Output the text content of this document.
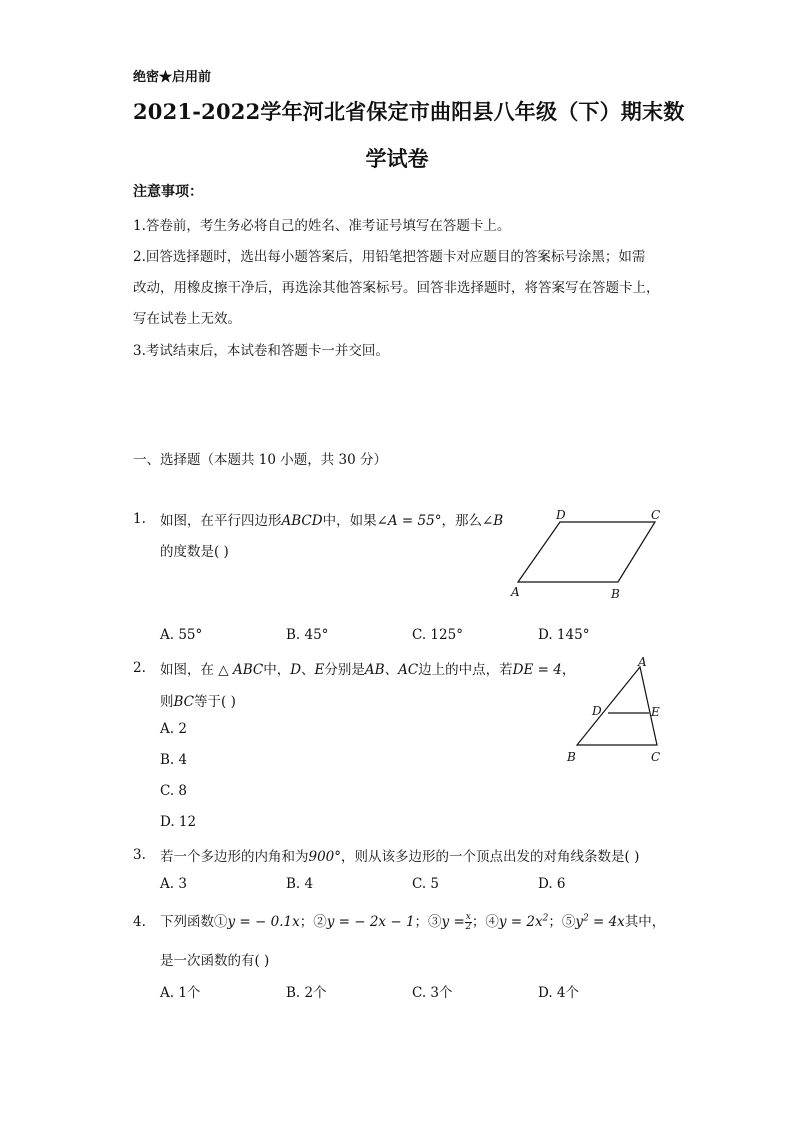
绝密★启用前
2021-2022学年河北省保定市曲阳县八年级（下）期末数
学试卷
注意事项：
1.答卷前，考生务必将自己的姓名、准考证号填写在答题卡上。
2.回答选择题时，选出每小题答案后，用铅笔把答题卡对应题目的答案标号涂黑；如需
改动，用橡皮擦干净后，再选涂其他答案标号。回答非选择题时，将答案写在答题卡上，
写在试卷上无效。
3.考试结束后，本试卷和答题卡一并交回。
一、选择题（本题共 10 小题，共 30 分）
1. 如图，在平行四边形ABCD中，如果∠A = 55°，那么∠B
的度数是( )
D	C
A	B
A. 55°	B. 45°	C. 125°	D. 145°
2. 如图，在 △ ABC中，D、E分别是AB、AC边上的中点，若DE = 4，
则BC等于( )
A
D	E
B	C
A. 2
B. 4
C. 8
D. 12
3. 若一个多边形的内角和为900°，则从该多边形的一个顶点出发的对角线条数是( )
A. 3	B. 4	C. 5	D. 6
4. 下列函数①y = − 0.1x；②y = − 2x − 1；③y = $\frac{x}{2}$ ；④y = $2x^2$；$⑤y^2 = 4x$其中，
是一次函数的有( )
A. 1个	B. 2个	C. 3个	D. 4个
